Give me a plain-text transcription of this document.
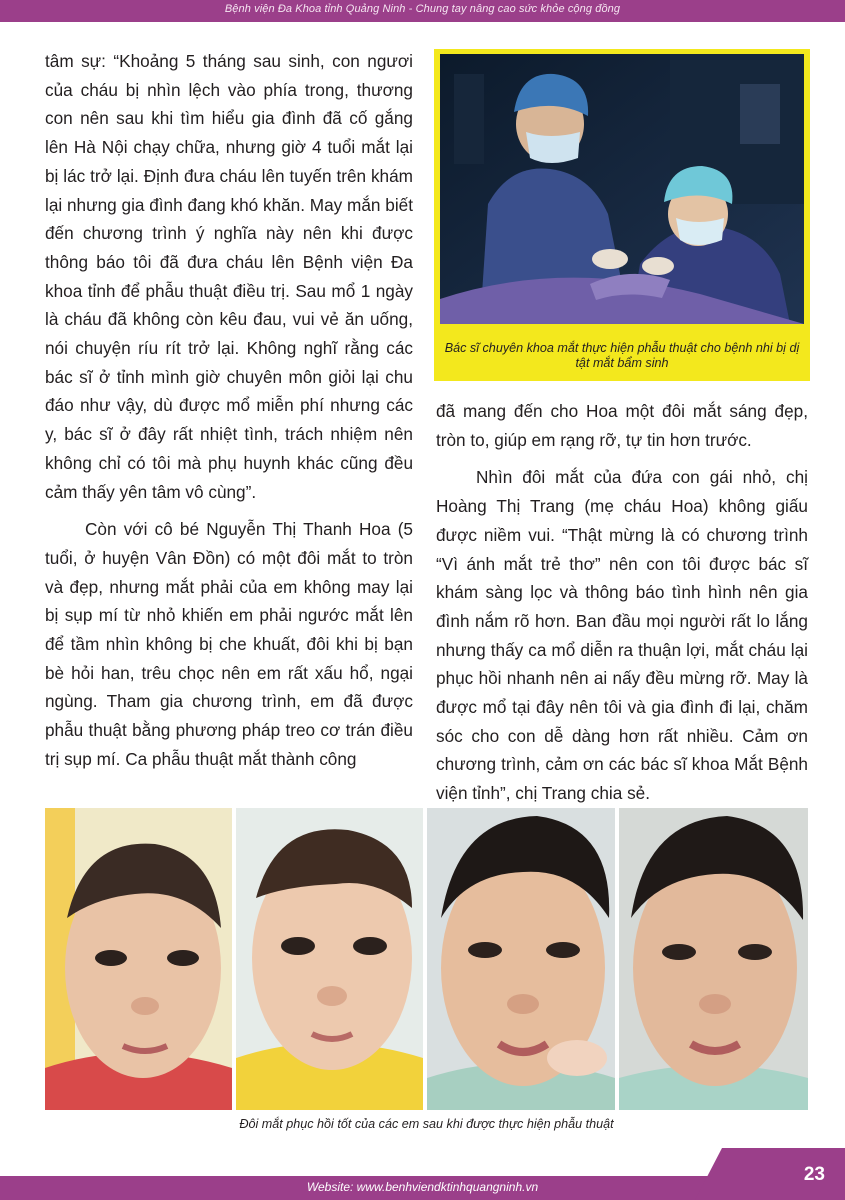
Bệnh viện Đa Khoa tỉnh Quảng Ninh - Chung tay nâng cao sức khỏe cộng đồng

tâm sự: “Khoảng 5 tháng sau sinh, con ngươi của cháu bị nhìn lệch vào phía trong, thương con nên sau khi tìm hiểu gia đình đã cố gắng lên Hà Nội chạy chữa, nhưng giờ 4 tuổi mắt lại bị lác trở lại. Định đưa cháu lên tuyến trên khám lại nhưng gia đình đang khó khăn. May mắn biết đến chương trình ý nghĩa này nên khi được thông báo tôi đã đưa cháu lên Bệnh viện Đa khoa tỉnh để phẫu thuật điều trị. Sau mổ 1 ngày là cháu đã không còn kêu đau, vui vẻ ăn uống, nói chuyện ríu rít trở lại. Không nghĩ rằng các bác sĩ ở tỉnh mình giờ chuyên môn giỏi lại chu đáo như vậy, dù được mổ miễn phí nhưng các y, bác sĩ ở đây rất nhiệt tình, trách nhiệm nên không chỉ có tôi mà phụ huynh khác cũng đều cảm thấy yên tâm vô cùng”.

Còn với cô bé Nguyễn Thị Thanh Hoa (5 tuổi, ở huyện Vân Đồn) có một đôi mắt to tròn và đẹp, nhưng mắt phải của em không may lại bị sụp mí từ nhỏ khiến em phải ngước mắt lên để tầm nhìn không bị che khuất, đôi khi bị bạn bè hỏi han, trêu chọc nên em rất xấu hổ, ngại ngùng. Tham gia chương trình, em đã được phẫu thuật bằng phương pháp treo cơ trán điều trị sụp mí. Ca phẫu thuật mắt thành công

Bác sĩ chuyên khoa mắt thực hiện phẫu thuật cho bệnh nhi bị dị tật mắt bẩm sinh

đã mang đến cho Hoa một đôi mắt sáng đẹp, tròn to, giúp em rạng rỡ, tự tin hơn trước.

Nhìn đôi mắt của đứa con gái nhỏ, chị Hoàng Thị Trang (mẹ cháu Hoa) không giấu được niềm vui. “Thật mừng là có chương trình “Vì ánh mắt trẻ thơ” nên con tôi được bác sĩ khám sàng lọc và thông báo tình hình nên gia đình nắm rõ hơn. Ban đầu mọi người rất lo lắng nhưng thấy ca mổ diễn ra thuận lợi, mắt cháu lại phục hồi nhanh nên ai nấy đều mừng rỡ. May là được mổ tại đây nên tôi và gia đình đi lại, chăm sóc cho con dễ dàng hơn rất nhiều. Cảm ơn chương trình, cảm ơn các bác sĩ khoa Mắt Bệnh viện tỉnh”, chị Trang chia sẻ.

Đôi mắt phục hồi tốt của các em sau khi được thực hiện phẫu thuật
Website: www.benhviendktinhquangninh.vn
23
